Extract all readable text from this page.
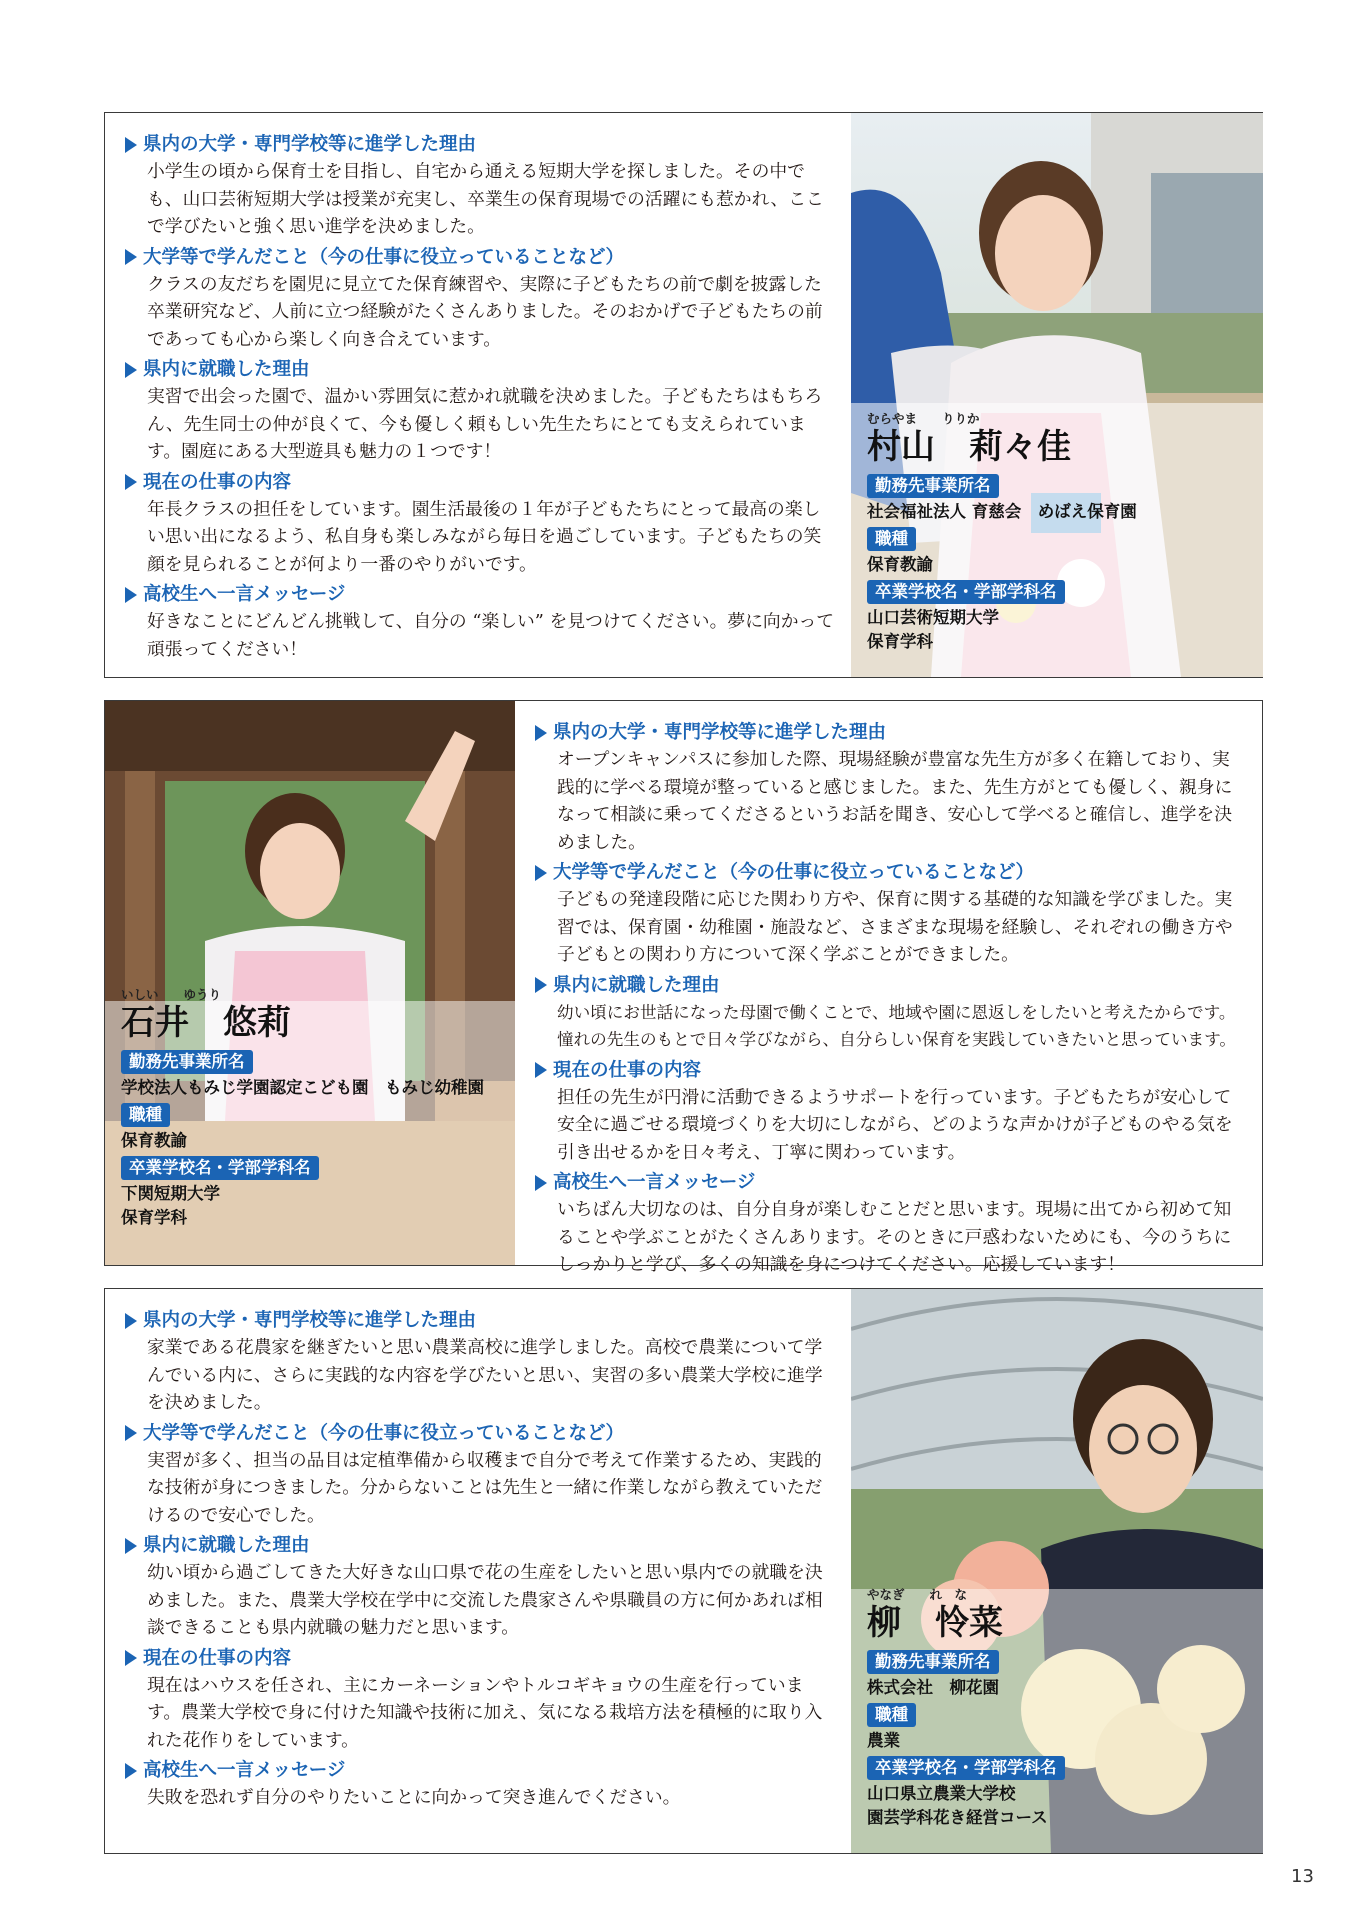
県内の大学・専門学校等に進学した理由

小学生の頃から保育士を目指し、自宅から通える短期大学を探しました。その中でも、山口芸術短期大学は授業が充実し、卒業生の保育現場での活躍にも惹かれ、ここで学びたいと強く思い進学を決めました。

大学等で学んだこと（今の仕事に役立っていることなど）

クラスの友だちを園児に見立てた保育練習や、実際に子どもたちの前で劇を披露した卒業研究など、人前に立つ経験がたくさんありました。そのおかげで子どもたちの前であっても心から楽しく向き合えています。

県内に就職した理由

実習で出会った園で、温かい雰囲気に惹かれ就職を決めました。子どもたちはもちろん、先生同士の仲が良くて、今も優しく頼もしい先生たちにとても支えられています。園庭にある大型遊具も魅力の１つです！

現在の仕事の内容

年長クラスの担任をしています。園生活最後の１年が子どもたちにとって最高の楽しい思い出になるよう、私自身も楽しみながら毎日を過ごしています。子どもたちの笑顔を見られることが何より一番のやりがいです。

高校生へ一言メッセージ

好きなことにどんどん挑戦して、自分の “楽しい” を見つけてください。夢に向かって頑張ってください！

むらやま　　りりか
村山　莉々佳
勤務先事業所名
社会福祉法人 育慈会　めばえ保育園
職種
保育教諭
卒業学校名・学部学科名
山口芸術短期大学
保育学科
いしい　　ゆうり
石井　悠莉
勤務先事業所名
学校法人もみじ学園認定こども園　もみじ幼稚園
職種
保育教諭
卒業学校名・学部学科名
下関短期大学
保育学科
県内の大学・専門学校等に進学した理由

オープンキャンパスに参加した際、現場経験が豊富な先生方が多く在籍しており、実践的に学べる環境が整っていると感じました。また、先生方がとても優しく、親身になって相談に乗ってくださるというお話を聞き、安心して学べると確信し、進学を決めました。

大学等で学んだこと（今の仕事に役立っていることなど）

子どもの発達段階に応じた関わり方や、保育に関する基礎的な知識を学びました。実習では、保育園・幼稚園・施設など、さまざまな現場を経験し、それぞれの働き方や子どもとの関わり方について深く学ぶことができました。

県内に就職した理由

幼い頃にお世話になった母園で働くことで、地域や園に恩返しをしたいと考えたからです。憧れの先生のもとで日々学びながら、自分らしい保育を実践していきたいと思っています。

現在の仕事の内容

担任の先生が円滑に活動できるようサポートを行っています。子どもたちが安心して安全に過ごせる環境づくりを大切にしながら、どのような声かけが子どものやる気を引き出せるかを日々考え、丁寧に関わっています。

高校生へ一言メッセージ

いちばん大切なのは、自分自身が楽しむことだと思います。現場に出てから初めて知ることや学ぶことがたくさんあります。そのときに戸惑わないためにも、今のうちにしっかりと学び、多くの知識を身につけてください。応援しています！

県内の大学・専門学校等に進学した理由

家業である花農家を継ぎたいと思い農業高校に進学しました。高校で農業について学んでいる内に、さらに実践的な内容を学びたいと思い、実習の多い農業大学校に進学を決めました。

大学等で学んだこと（今の仕事に役立っていることなど）

実習が多く、担当の品目は定植準備から収穫まで自分で考えて作業するため、実践的な技術が身につきました。分からないことは先生と一緒に作業しながら教えていただけるので安心でした。

県内に就職した理由

幼い頃から過ごしてきた大好きな山口県で花の生産をしたいと思い県内での就職を決めました。また、農業大学校在学中に交流した農家さんや県職員の方に何かあれば相談できることも県内就職の魅力だと思います。

現在の仕事の内容

現在はハウスを任され、主にカーネーションやトルコギキョウの生産を行っています。農業大学校で身に付けた知識や技術に加え、気になる栽培方法を積極的に取り入れた花作りをしています。

高校生へ一言メッセージ

失敗を恐れず自分のやりたいことに向かって突き進んでください。

やなぎ　　れ　な
柳　怜菜
勤務先事業所名
株式会社　柳花園
職種
農業
卒業学校名・学部学科名
山口県立農業大学校
園芸学科花き経営コース
13
